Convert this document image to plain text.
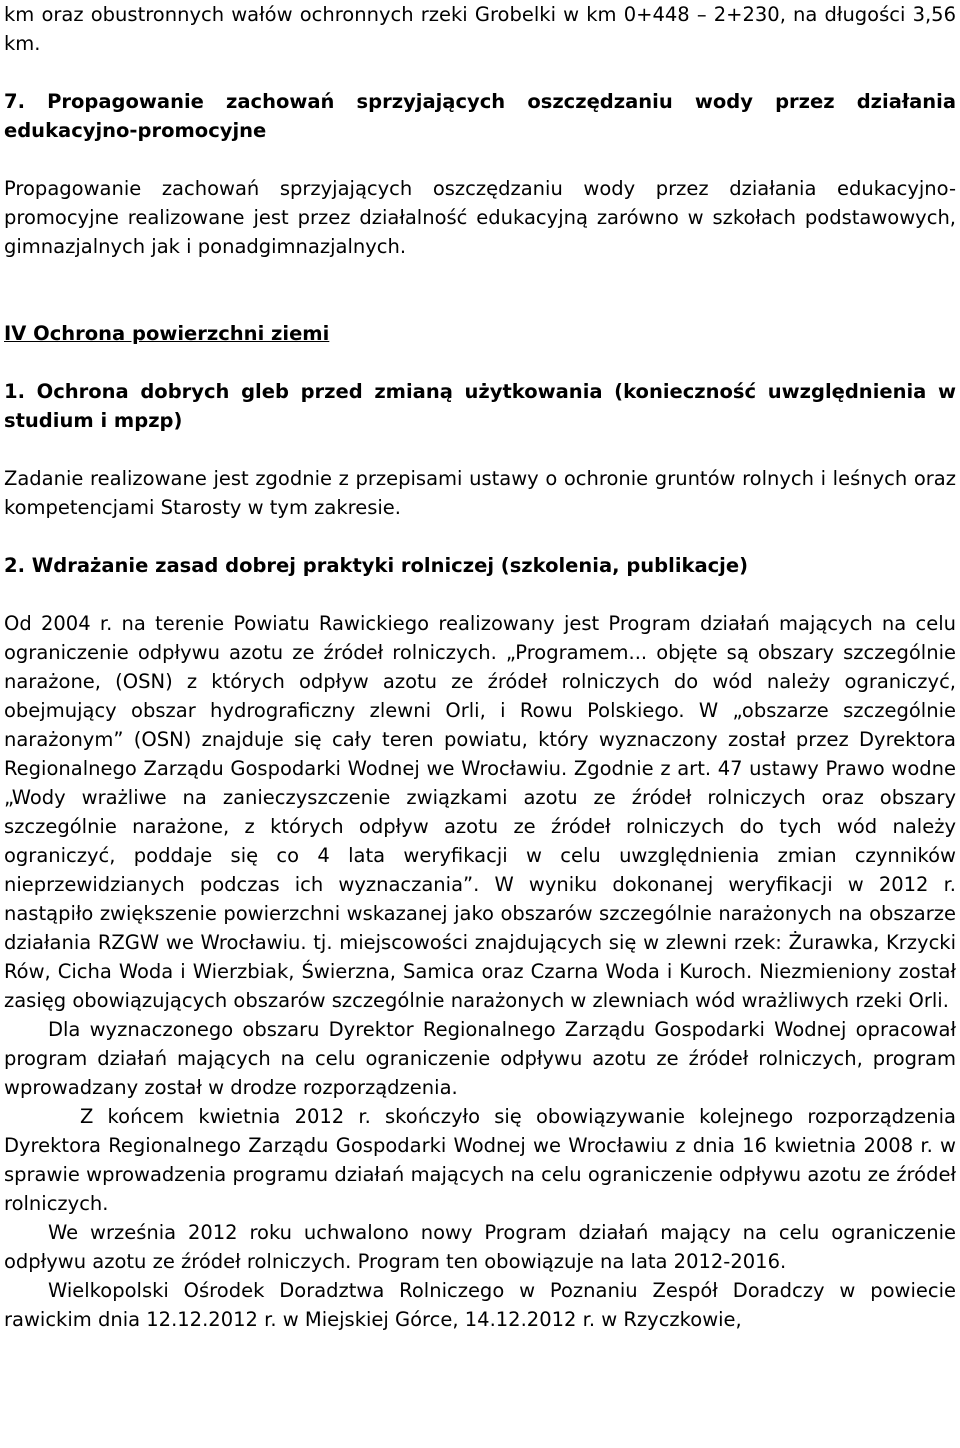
km oraz obustronnych wałów ochronnych rzeki Grobelki w km 0+448 – 2+230, na długości 3,56 km.

7. Propagowanie zachowań sprzyjających oszczędzaniu wody przez działania edukacyjno-promocyjne

Propagowanie zachowań sprzyjających oszczędzaniu wody przez działania edukacyjno-promocyjne realizowane jest przez działalność edukacyjną zarówno w szkołach podstawowych, gimnazjalnych jak i ponadgimnazjalnych.

IV Ochrona powierzchni ziemi

1. Ochrona dobrych gleb przed zmianą użytkowania (konieczność uwzględnienia w studium i mpzp)

Zadanie realizowane jest zgodnie z przepisami ustawy o ochronie gruntów rolnych i leśnych oraz kompetencjami Starosty w tym zakresie.

2. Wdrażanie zasad dobrej praktyki rolniczej (szkolenia, publikacje)

Od 2004 r. na terenie Powiatu Rawickiego realizowany jest Program działań mających na celu ograniczenie odpływu azotu ze źródeł rolniczych. „Programem... objęte są obszary szczególnie narażone, (OSN) z których odpływ azotu ze źródeł rolniczych do wód należy ograniczyć, obejmujący obszar hydrograficzny zlewni Orli, i Rowu Polskiego. W „obszarze szczególnie narażonym” (OSN) znajduje się cały teren powiatu, który wyznaczony został przez Dyrektora Regionalnego Zarządu Gospodarki Wodnej we Wrocławiu. Zgodnie z art. 47 ustawy Prawo wodne „Wody wrażliwe na zanieczyszczenie związkami azotu ze źródeł rolniczych oraz obszary szczególnie narażone, z których odpływ azotu ze źródeł rolniczych do tych wód należy ograniczyć, poddaje się co 4 lata weryfikacji w celu uwzględnienia zmian czynników nieprzewidzianych podczas ich wyznaczania”. W wyniku dokonanej weryfikacji w 2012 r. nastąpiło zwiększenie powierzchni wskazanej jako obszarów szczególnie narażonych na obszarze działania RZGW we Wrocławiu. tj. miejscowości znajdujących się w zlewni rzek: Żurawka, Krzycki Rów, Cicha Woda i Wierzbiak, Świerzna, Samica oraz Czarna Woda i Kuroch. Niezmieniony został zasięg obowiązujących obszarów szczególnie narażonych w zlewniach wód wrażliwych rzeki Orli.

Dla wyznaczonego obszaru Dyrektor Regionalnego Zarządu Gospodarki Wodnej opracował program działań mających na celu ograniczenie odpływu azotu ze źródeł rolniczych, program wprowadzany został w drodze rozporządzenia.

Z końcem kwietnia 2012 r. skończyło się obowiązywanie kolejnego rozporządzenia Dyrektora Regionalnego Zarządu Gospodarki Wodnej we Wrocławiu z dnia 16 kwietnia 2008 r. w sprawie wprowadzenia programu działań mających na celu ograniczenie odpływu azotu ze źródeł rolniczych.

We września 2012 roku uchwalono nowy Program działań mający na celu ograniczenie odpływu azotu ze źródeł rolniczych. Program ten obowiązuje na lata 2012-2016.

Wielkopolski Ośrodek Doradztwa Rolniczego w Poznaniu Zespół Doradczy w powiecie rawickim dnia 12.12.2012 r. w Miejskiej Górce, 14.12.2012 r. w Rzyczkowie,
